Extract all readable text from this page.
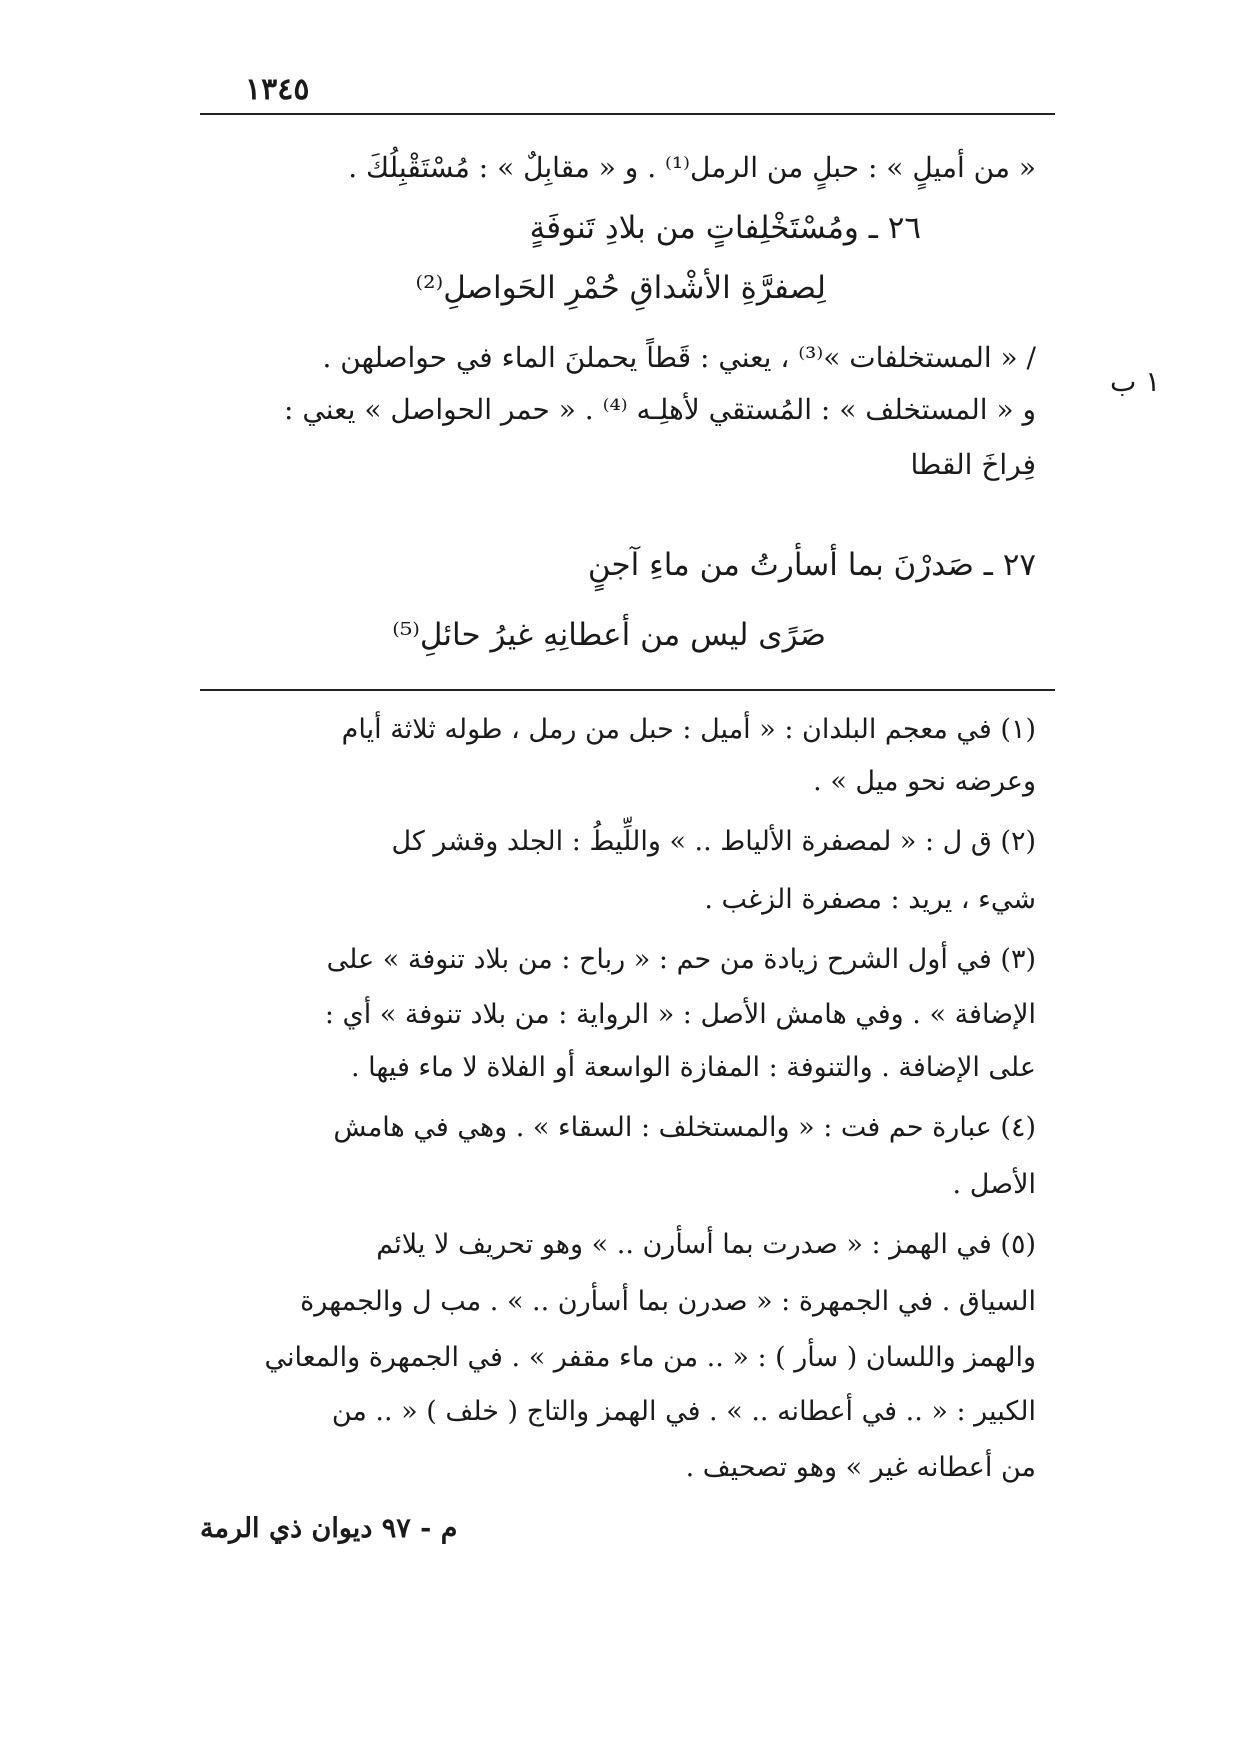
١٣٤٥
١ ب
« من أميلٍ » : حبلٍ من الرمل⁽¹⁾ . و « مقابِلٌ » : مُسْتَقْبِلُكَ .
٢٦ ـ ومُسْتَخْلِفاتٍ من بلادِ تَنوفَةٍ
لِصفرَّةِ الأشْداقِ حُمْرِ الحَواصلِ⁽²⁾
/ « المستخلفات »⁽³⁾ ، يعني : قَطاً يحملنَ الماء في حواصلهن .
و « المستخلف » : المُستقي لأهلِـه ⁽⁴⁾ . « حمر الحواصل » يعني :
فِراخَ القطا
٢٧ ـ صَدرْنَ بما أسأرتُ من ماءِ آجنٍ
صَرًى ليس من أعطانِهِ غيرُ حائلِ⁽⁵⁾
(١) في معجم البلدان : « أميل : حبل من رمل ، طوله ثلاثة أيام
وعرضه نحو ميل » .
(٢) ق ل : « لمصفرة الألياط .. » واللِّيطُ : الجلد وقشر كل
شيء ، يريد : مصفرة الزغب .
(٣) في أول الشرح زيادة من حم : « رباح : من بلاد تنوفة » على
الإضافة » . وفي هامش الأصل : « الرواية : من بلاد تنوفة » أي :
على الإضافة . والتنوفة : المفازة الواسعة أو الفلاة لا ماء فيها .
(٤) عبارة حم فت : « والمستخلف : السقاء » . وهي في هامش
الأصل .
(٥) في الهمز : « صدرت بما أسأرن .. » وهو تحريف لا يلائم
السياق . في الجمهرة : « صدرن بما أسأرن .. » . مب ل والجمهرة
والهمز واللسان ( سأر ) : « .. من ماء مقفر » . في الجمهرة والمعاني
الكبير : « .. في أعطانه .. » . في الهمز والتاج ( خلف ) « .. من
من أعطانه غير » وهو تصحيف .
م - ٩٧ ديوان ذي الرمة
